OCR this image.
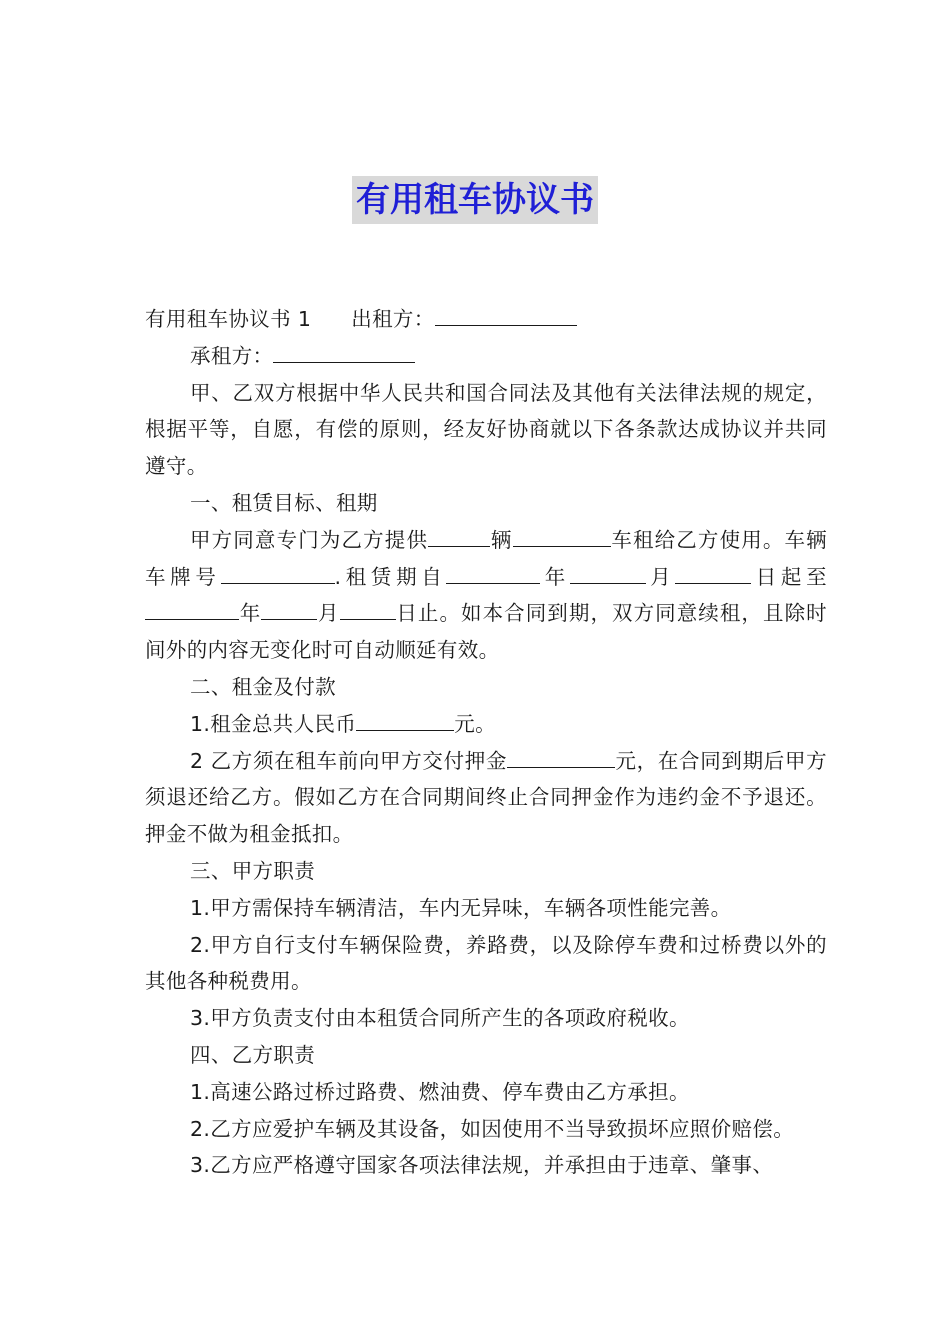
有用租车协议书

有用租车协议书 1 出租方：

承租方：

甲、乙双方根据中华人民共和国合同法及其他有关法律法规的规定，根据平等，自愿，有偿的原则，经友好协商就以下各条款达成协议并共同遵守。

一、租赁目标、租期

甲方同意专门为乙方提供	辆	车租给乙方使用。车辆车牌号	.租赁期自	年	月	日起至年	月	日止。如本合同到期，双方同意续租，且除时间外的内容无变化时可自动顺延有效。

二、租金及付款

1.租金总共人民币	元。

2 乙方须在租车前向甲方交付押金	元，在合同到期后甲方须退还给乙方。假如乙方在合同期间终止合同押金作为违约金不予退还。押金不做为租金抵扣。

三、甲方职责

1.甲方需保持车辆清洁，车内无异味，车辆各项性能完善。

2.甲方自行支付车辆保险费，养路费，以及除停车费和过桥费以外的其他各种税费用。

3.甲方负责支付由本租赁合同所产生的各项政府税收。

四、乙方职责

1.高速公路过桥过路费、燃油费、停车费由乙方承担。

2.乙方应爱护车辆及其设备，如因使用不当导致损坏应照价赔偿。

3.乙方应严格遵守国家各项法律法规，并承担由于违章、肇事、
